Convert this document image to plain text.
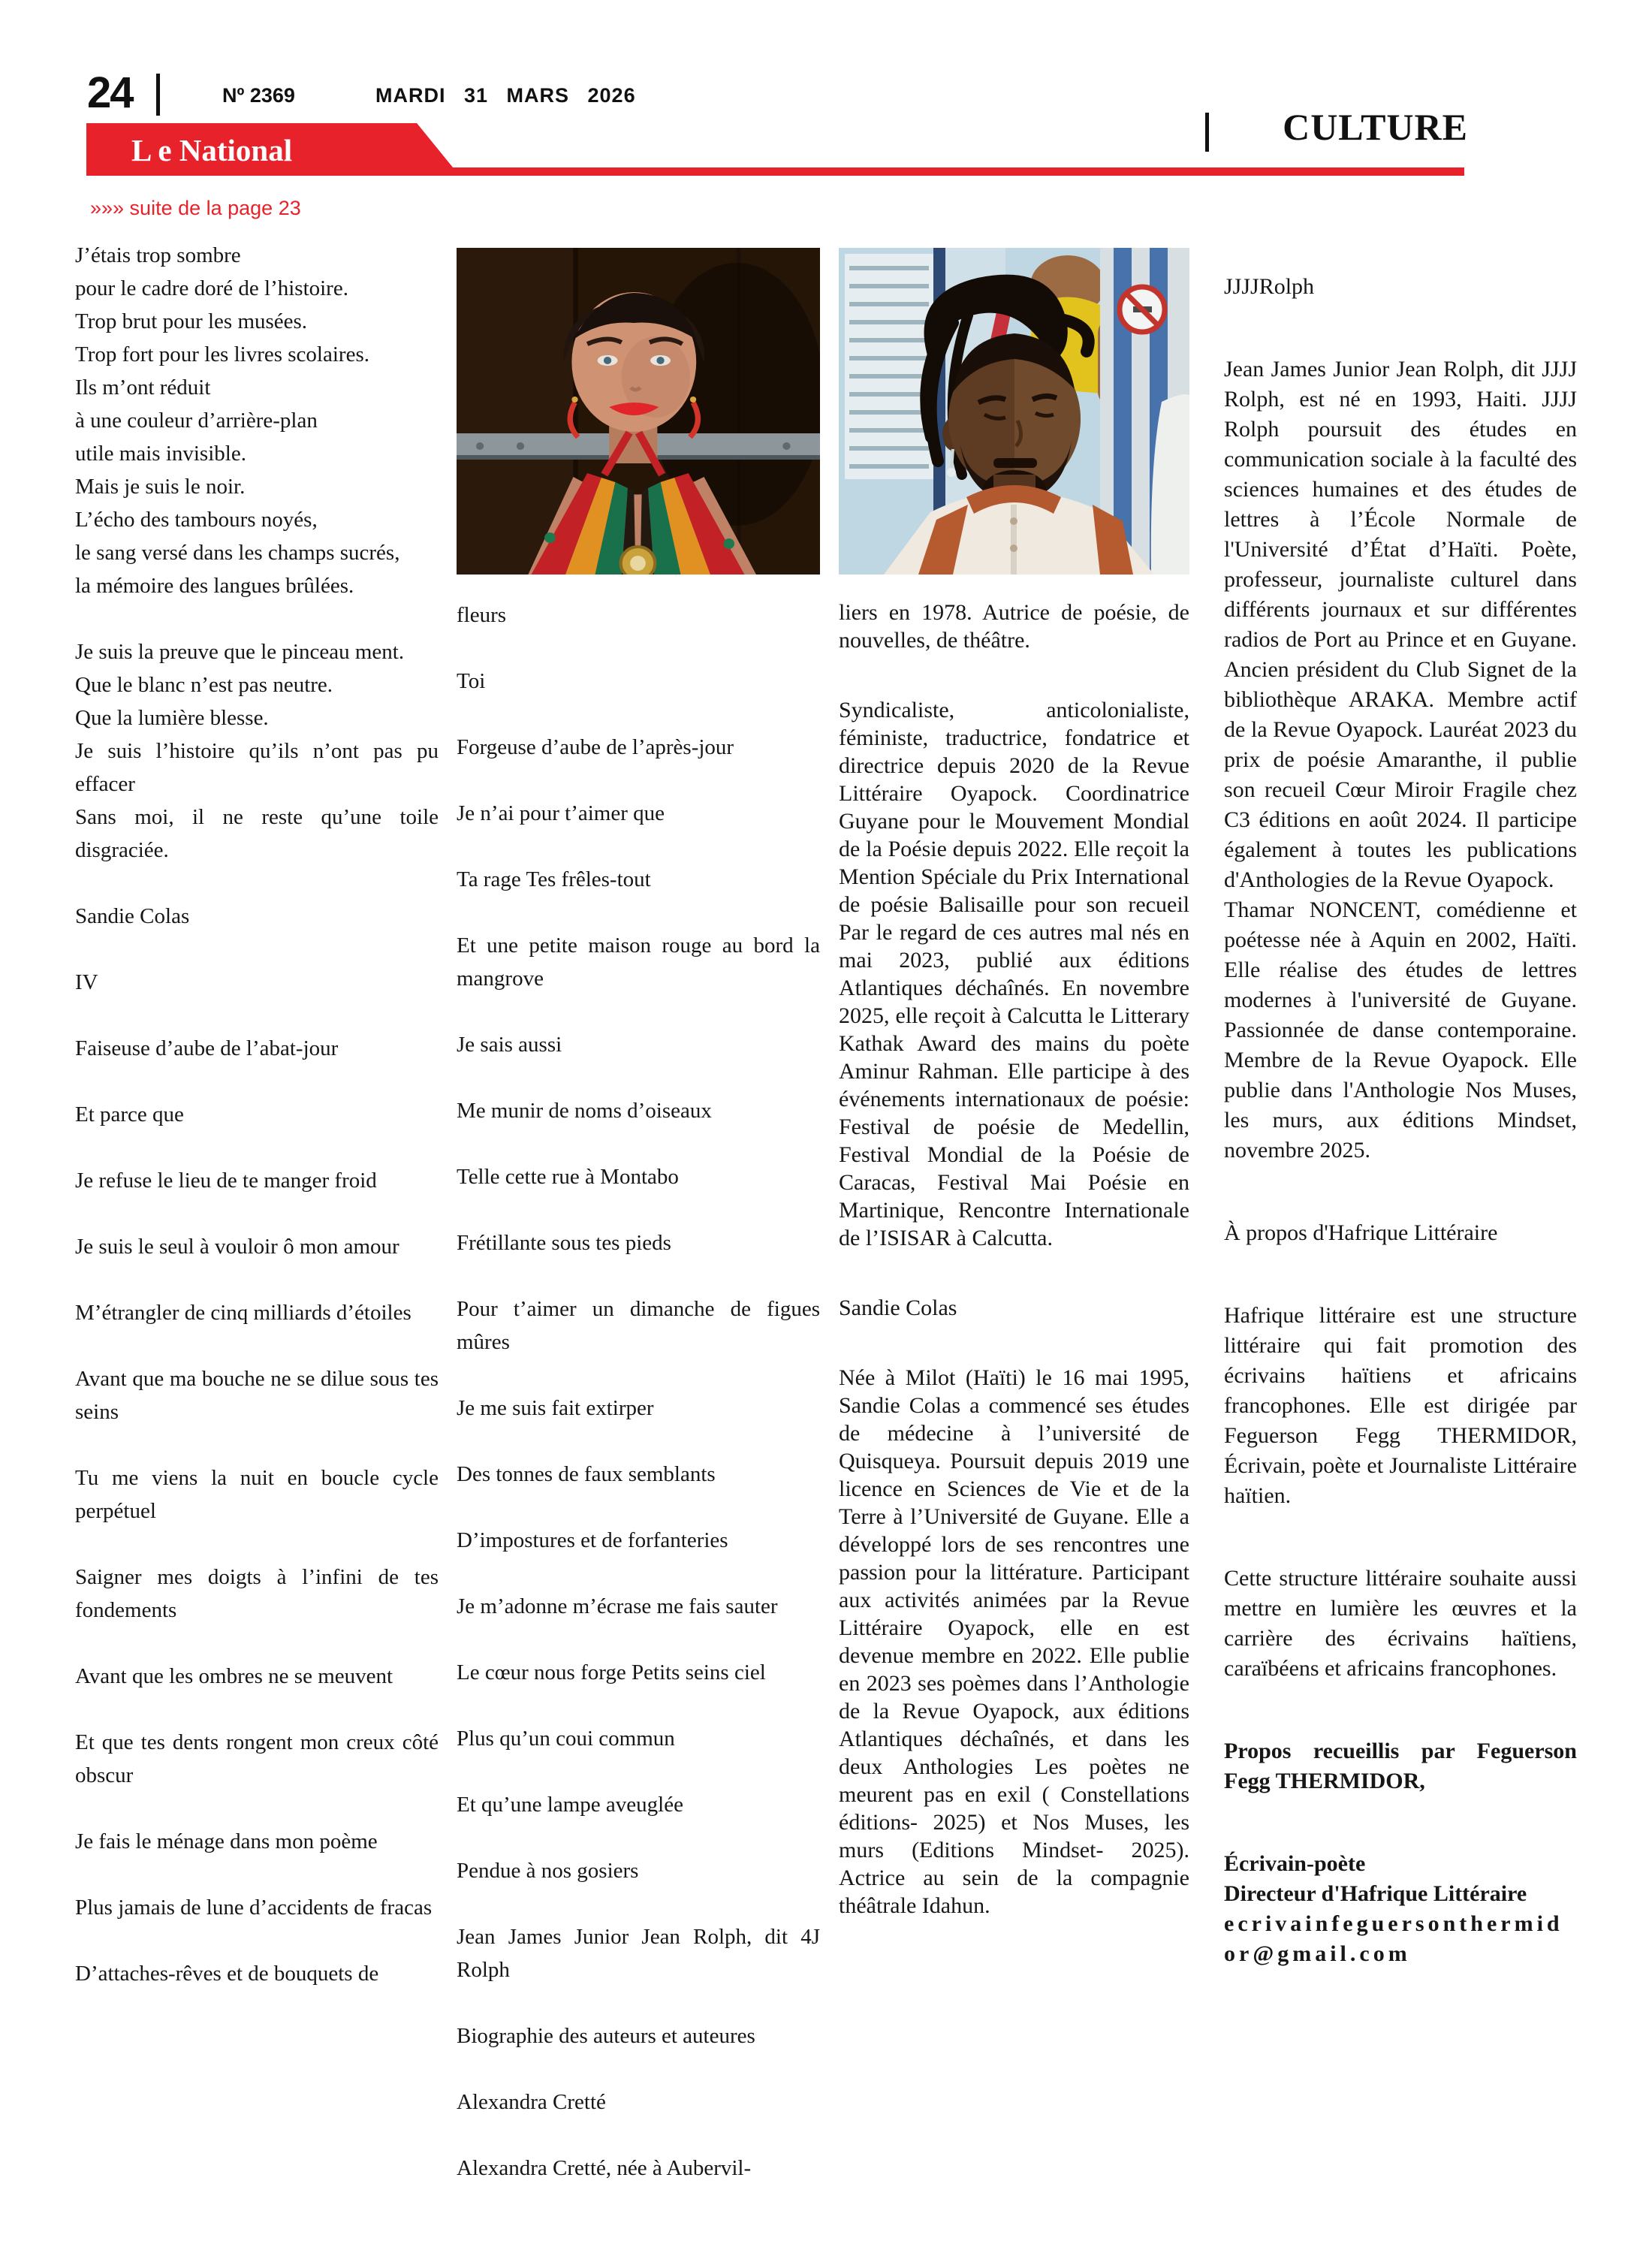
24	Nº 2369	MARDI 31 MARS 2026
L e National
CULTURE
»»» suite de la page 23

J’étais trop sombre

pour le cadre doré de l’histoire.

Trop brut pour les musées.

Trop fort pour les livres scolaires.

Ils m’ont réduit

à une couleur d’arrière-plan

utile mais invisible.

Mais je suis le noir.

L’écho des tambours noyés,

le sang versé dans les champs sucrés,

la mémoire des langues brûlées.

Je suis la preuve que le pinceau ment.

Que le blanc n’est pas neutre.

Que la lumière blesse.

Je suis l’histoire qu’ils n’ont pas pu effacer

Sans moi, il ne reste qu’une toile disgraciée.

Sandie Colas

IV

Faiseuse d’aube de l’abat-jour

Et parce que

Je refuse le lieu de te manger froid

Je suis le seul à vouloir ô mon amour

M’étrangler de cinq milliards d’étoiles

Avant que ma bouche ne se dilue sous tes seins

Tu me viens la nuit en boucle cycle perpétuel

Saigner mes doigts à l’infini de tes fondements

Avant que les ombres ne se meuvent

Et que tes dents rongent mon creux côté obscur

Je fais le ménage dans mon poème

Plus jamais de lune d’accidents de fracas

D’attaches-rêves et de bouquets de

fleurs

Toi

Forgeuse d’aube de l’après-jour

Je n’ai pour t’aimer que

Ta rage Tes frêles-tout

Et une petite maison rouge au bord la mangrove

Je sais aussi

Me munir de noms d’oiseaux

Telle cette rue à Montabo

Frétillante sous tes pieds

Pour t’aimer un dimanche de figues mûres

Je me suis fait extirper

Des tonnes de faux semblants

D’impostures et de forfanteries

Je m’adonne m’écrase me fais sauter

Le cœur nous forge Petits seins ciel

Plus qu’un coui commun

Et qu’une lampe aveuglée

Pendue à nos gosiers

Jean James Junior Jean Rolph, dit 4J Rolph

Biographie des auteurs et auteures

Alexandra Cretté

Alexandra Cretté, née à Aubervil-

liers en 1978. Autrice de poésie, de nouvelles, de théâtre.

Syndicaliste, anticolonialiste, féministe, traductrice, fondatrice et directrice depuis 2020 de la Revue Littéraire Oyapock. Coordinatrice Guyane pour le Mouvement Mondial de la Poésie depuis 2022. Elle reçoit la Mention Spéciale du Prix International de poésie Balisaille pour son recueil Par le regard de ces autres mal nés en mai 2023, publié aux éditions Atlantiques déchaînés. En novembre 2025, elle reçoit à Calcutta le Litterary Kathak Award des mains du poète Aminur Rahman. Elle participe à des événements internationaux de poésie: Festival de poésie de Medellin, Festival Mondial de la Poésie de Caracas, Festival Mai Poésie en Martinique, Rencontre Internationale de l’ISISAR à Calcutta.

Sandie Colas

Née à Milot (Haïti) le 16 mai 1995, Sandie Colas a commencé ses études de médecine à l’université de Quisqueya. Poursuit depuis 2019 une licence en Sciences de Vie et de la Terre à l’Université de Guyane. Elle a développé lors de ses rencontres une passion pour la littérature. Participant aux activités animées par la Revue Littéraire Oyapock, elle en est devenue membre en 2022. Elle publie en 2023 ses poèmes dans l’Anthologie de la Revue Oyapock, aux éditions Atlantiques déchaînés, et dans les deux Anthologies Les poètes ne meurent pas en exil ( Constellations éditions- 2025) et Nos Muses, les murs (Editions Mindset- 2025). Actrice au sein de la compagnie théâtrale Idahun.

JJJJRolph

Jean James Junior Jean Rolph, dit JJJJ Rolph, est né en 1993, Haiti. JJJJ Rolph poursuit des études en communication sociale à la faculté des sciences humaines et des études de lettres à l’École Normale de l'Université d’État d’Haïti. Poète, professeur, journaliste culturel dans différents journaux et sur différentes radios de Port au Prince et en Guyane. Ancien président du Club Signet de la bibliothèque ARAKA. Membre actif de la Revue Oyapock. Lauréat 2023 du prix de poésie Amaranthe, il publie son recueil Cœur Miroir Fragile chez C3 éditions en août 2024. Il participe également à toutes les publications d'Anthologies de la Revue Oyapock.

Thamar NONCENT, comédienne et poétesse née à Aquin en 2002, Haïti. Elle réalise des études de lettres modernes à l'université de Guyane. Passionnée de danse contemporaine. Membre de la Revue Oyapock. Elle publie dans l'Anthologie Nos Muses, les murs, aux éditions Mindset, novembre 2025.

À propos d'Hafrique Littéraire

Hafrique littéraire est une structure littéraire qui fait promotion des écrivains haïtiens et africains francophones. Elle est dirigée par Feguerson Fegg THERMIDOR, Écrivain, poète et Journaliste Littéraire haïtien.

Cette structure littéraire souhaite aussi mettre en lumière les œuvres et la carrière des écrivains haïtiens, caraïbéens et africains francophones.

Propos recueillis par Feguerson Fegg THERMIDOR,

Écrivain-poète

Directeur d'Hafrique Littéraire

ecrivainfeguersonthermidor@gmail.com
